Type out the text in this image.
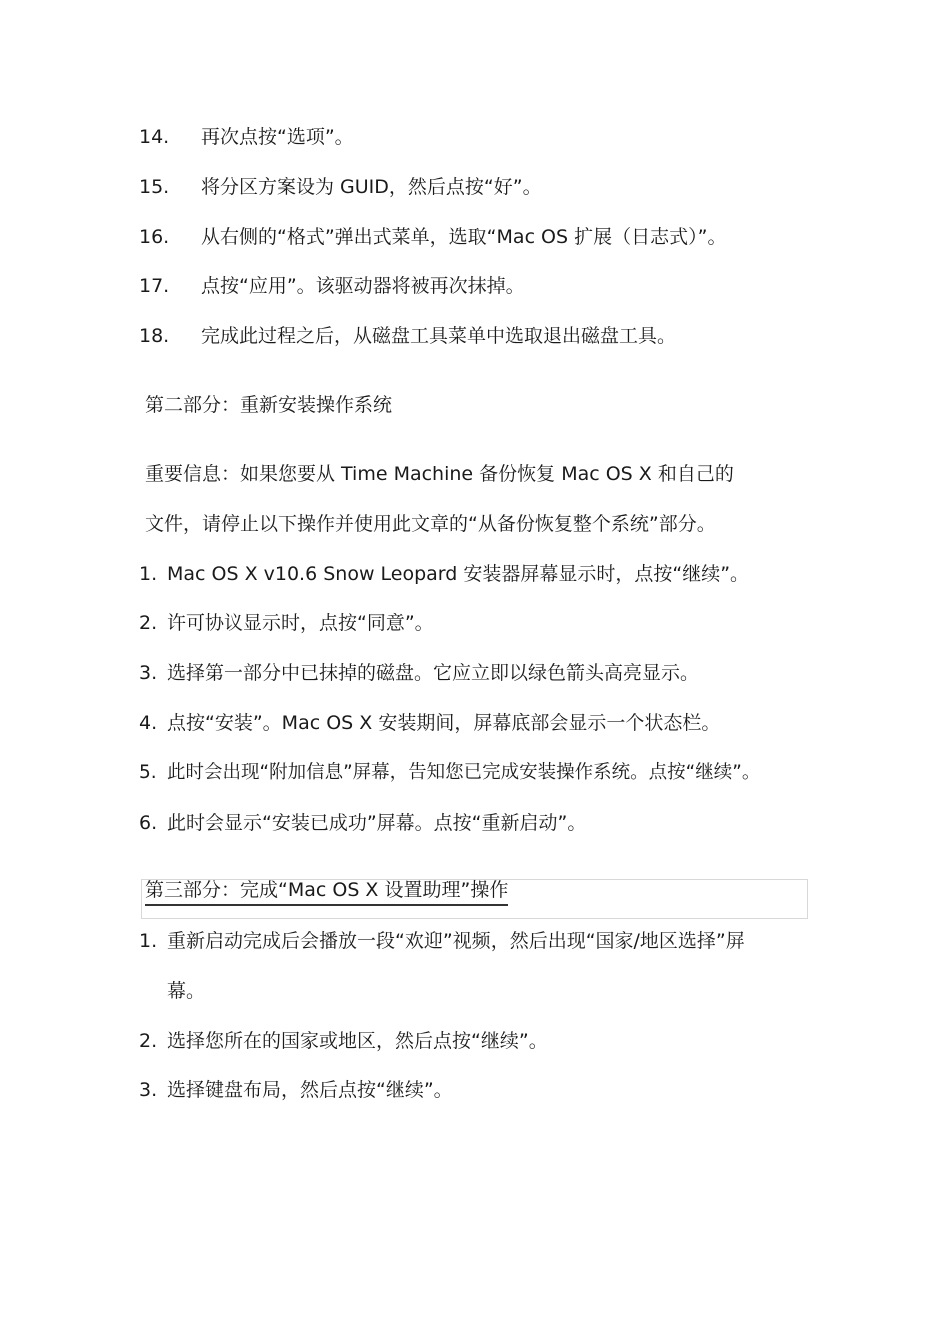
14. 再次点按“选项”。
15. 将分区方案设为 GUID，然后点按“好”。
16. 从右侧的“格式”弹出式菜单，选取“Mac OS 扩展（日志式）”。
17. 点按“应用”。该驱动器将被再次抹掉。
18. 完成此过程之后，从磁盘工具菜单中选取退出磁盘工具。
第二部分：重新安装操作系统
重要信息：如果您要从 Time Machine 备份恢复 Mac OS X 和自己的
文件，请停止以下操作并使用此文章的“从备份恢复整个系统”部分。
1. Mac OS X v10.6 Snow Leopard 安装器屏幕显示时，点按“继续”。
2. 许可协议显示时，点按“同意”。
3. 选择第一部分中已抹掉的磁盘。它应立即以绿色箭头高亮显示。
4. 点按“安装”。Mac OS X 安装期间，屏幕底部会显示一个状态栏。
5. 此时会出现“附加信息”屏幕，告知您已完成安装操作系统。点按“继续”。
6. 此时会显示“安装已成功”屏幕。点按“重新启动”。
第三部分：完成“Mac OS X 设置助理”操作
1. 重新启动完成后会播放一段“欢迎”视频，然后出现“国家/地区选择”屏
幕。
2. 选择您所在的国家或地区，然后点按“继续”。
3. 选择键盘布局，然后点按“继续”。
